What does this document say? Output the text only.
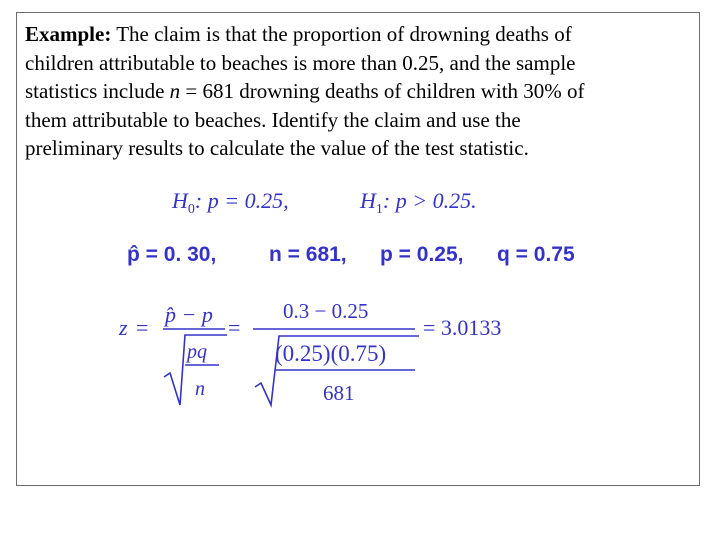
Example: The claim is that the proportion of drowning deaths of
children attributable to beaches is more than 0.25, and the sample
statistics include n = 681 drowning deaths of children with 30% of
them attributable to beaches. Identify the claim and use the
preliminary results to calculate the value of the test statistic.
$H_0$: p = 0.25,	$H_1$: p > 0.25.
p̂ = 0. 30,	n = 681, p = 0.25, q = 0.75
z =
p̂ − p
pq
n
=
0.3 − 0.25
(0.25)(0.75)
681
= 3.0133
